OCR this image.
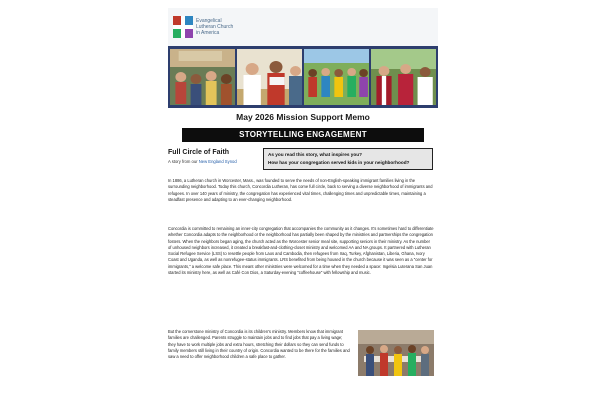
Evangelical
Lutheran Church
in America
May 2026 Mission Support Memo
STORYTELLING ENGAGEMENT
Full Circle of Faith
A story from our New England Synod
As you read this story, what inspires you?
How has your congregation served kids in your neighborhood?

In 1886, a Lutheran church in Worcester, Mass., was founded to serve the needs of non-English-speaking immigrant families living in the surrounding neighborhood. Today this church, Concordia Lutheran, has come full circle, back to serving a diverse neighborhood of immigrants and refugees. In over 140 years of ministry, the congregation has experienced vital times, challenging times and unpredictable times, maintaining a steadfast presence and adapting to an ever-changing neighborhood.

Concordia is committed to remaining an inner-city congregation that accompanies the community as it changes. It's sometimes hard to differentiate whether Concordia adapts to the neighborhood or the neighborhood has partially been shaped by the ministries and partnerships the congregation fosters. When the neighbors began aging, the church acted as the Worcester senior meal site, supporting seniors in their ministry. As the number of unhoused neighbors increased, it created a breakfast-and-clothing-closet ministry and welcomed AA and NA groups. It partnered with Lutheran Social Refugee Service (LSS) to resettle people from Laos and Cambodia, then refugees from Iraq, Turkey, Afghanistan, Liberia, Ghana, Ivory Coast and Uganda, as well as nonrefugee-status immigrants. LRS benefited from being housed in the church because it was seen as a "center for immigrants," a welcome safe place. This meant other ministries were welcomed for a time when they needed a space: Ingelsia Luterana San Juan started its ministry here, as well as Café Con Dios, a Saturday-evening "coffeehouse" with fellowship and music.

But the cornerstone ministry of Concordia is its children's ministry. Members know that immigrant families are challenged. Parents struggle to maintain jobs and to find jobs that pay a living wage; they have to work multiple jobs and extra hours, stretching their dollars so they can send funds to family members still living in their country of origin. Concordia wanted to be there for the families and saw a need to offer neighborhood children a safe place to gather.
